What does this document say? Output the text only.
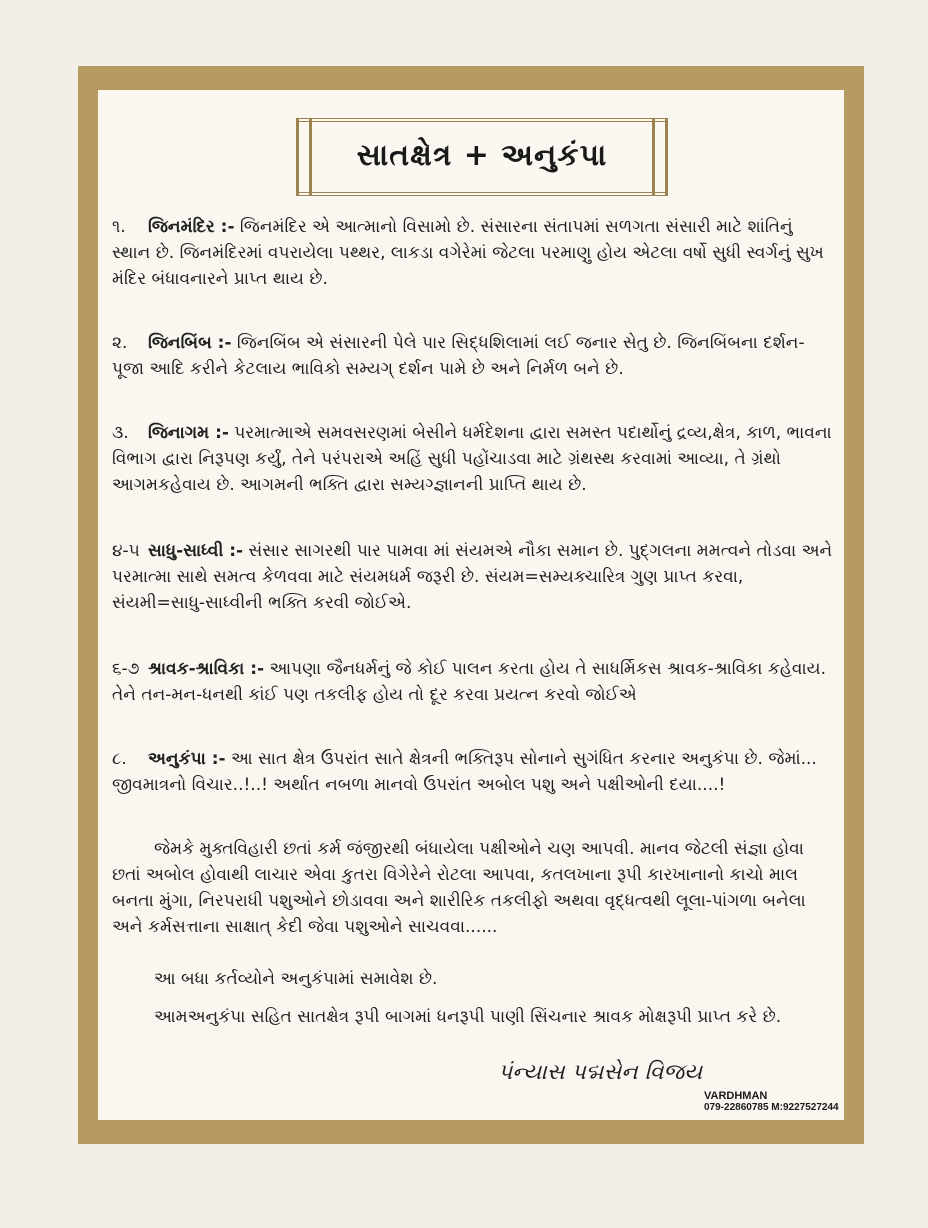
સાતક્ષેત્ર + અનુકંપા
૧. જિનમંદિર :- જિનમંદિર એ આત્માનો વિસામો છે. સંસારના સંતાપમાં સળગતા સંસારી માટે શાંતિનું સ્થાન છે. જિનમંદિરમાં વપરાયેલા પથ્થર, લાકડા વગેરેમાં જેટલા પરમાણુ હોય એટલા વર્ષો સુધી સ્વર્ગનું સુખ મંદિર બંધાવનારને પ્રાપ્ત થાય છે.
૨. જિનબિંબ :- જિનબિંબ એ સંસારની પેલે પાર સિદ્ધશિલામાં લઈ જનાર સેતુ છે. જિનબિંબના દર્શન-પૂજા આદિ કરીને કેટલાય ભાવિકો સમ્યગ્ દર્શન પામે છે અને નિર્મળ બને છે.
૩. જિનાગમ :- પરમાત્માએ સમવસરણમાં બેસીને ધર્મદેશના દ્વારા સમસ્ત પદાર્થોનું દ્રવ્ય,ક્ષેત્ર, કાળ, ભાવના વિભાગ દ્વારા નિરૂપણ કર્યું, તેને પરંપરાએ અહિં સુધી પહોંચાડવા માટે ગ્રંથસ્થ કરવામાં આવ્યા, તે ગ્રંથો આગમકહેવાય છે. આગમની ભક્તિ દ્વારા સમ્યગ્જ્ઞાનની પ્રાપ્તિ થાય છે.
૪-૫ સાધુ-સાધ્વી :- સંસાર સાગરથી પાર પામવા માં સંયમએ નૌકા સમાન છે. પુદ્ગલના મમત્વને તોડવા અને પરમાત્મા સાથે સમત્વ કેળવવા માટે સંયમધર્મ જરૂરી છે. સંયમ=સમ્યક્ચારિત્ર ગુણ પ્રાપ્ત કરવા, સંયમી=સાધુ-સાધ્વીની ભક્તિ કરવી જોઈએ.
૬-૭ શ્રાવક-શ્રાવિકા :- આપણા જૈનધર્મનું જે કોઈ પાલન કરતા હોય તે સાધર્મિકસ શ્રાવક-શ્રાવિકા કહેવાય. તેને તન-મન-ધનથી કાંઈ પણ તકલીફ હોય તો દૂર કરવા પ્રયત્ન કરવો જોઈએ
૮. અનુકંપા :- આ સાત ક્ષેત્ર ઉપરાંત સાતે ક્ષેત્રની ભક્તિરૂપ સોનાને સુગંધિત કરનાર અનુકંપા છે. જેમાં... જીવમાત્રનો વિચાર..!..! અર્થાત નબળા માનવો ઉપરાંત અબોલ પશુ અને પક્ષીઓની દયા....!
જેમકે મુક્તવિહારી છતાં કર્મ જંજીરથી બંધાયેલા પક્ષીઓને ચણ આપવી. માનવ જેટલી સંજ્ઞા હોવા છતાં અબોલ હોવાથી લાચાર એવા કુતરા વિગેરેને રોટલા આપવા, કતલખાના રૂપી કારખાનાનો કાચો માલ બનતા મુંગા, નિરપરાધી પશુઓને છોડાવવા અને શારીરિક તકલીફો અથવા વૃદ્ધત્વથી લૂલા-પાંગળા બનેલા અને કર્મસત્તાના સાક્ષાત્ કેદી જેવા પશુઓને સાચવવા......
આ બધા કર્તવ્યોને અનુકંપામાં સમાવેશ છે.
આમઅનુકંપા સહિત સાતક્ષેત્ર રૂપી બાગમાં ધનરૂપી પાણી સિંચનાર શ્રાવક મોક્ષરૂપી પ્રાપ્ત કરે છે.
પંન્યાસ પદ્મસેન વિજય
VARDHMAN
079-22860785 M:9227527244
